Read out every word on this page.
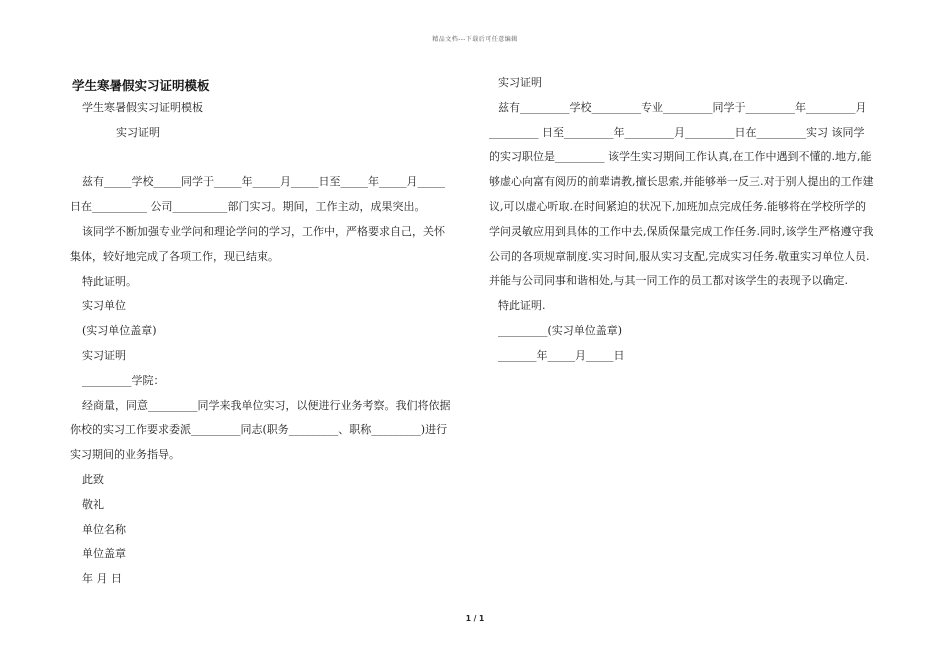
精品文档---下载后可任意编辑
学生寒暑假实习证明模板
学生寒暑假实习证明模板
实习证明
兹有_____学校_____同学于_____年_____月_____日至_____年_____月_____
日在__________ 公司__________部门实习。期间，工作主动，成果突出。
该同学不断加强专业学问和理论学问的学习，工作中，严格要求自己，关怀
集体，较好地完成了各项工作，现已结束。
特此证明。
实习单位
(实习单位盖章)
实习证明
_________学院：
经商量，同意_________同学来我单位实习，以便进行业务考察。我们将依据
你校的实习工作要求委派_________同志(职务_________、职称_________)进行
实习期间的业务指导。
此致
敬礼
单位名称
单位盖章
年 月 日
实习证明
兹有_________学校_________专业_________同学于_________年_________月
_________ 日至_________年_________月_________日在_________实习 该同学
的实习职位是_________ 该学生实习期间工作认真,在工作中遇到不懂的.地方,能
够虚心向富有阅历的前辈请教,擅长思索,并能够举一反三.对于别人提出的工作建
议,可以虚心听取.在时间紧迫的状况下,加班加点完成任务.能够将在学校所学的
学问灵敏应用到具体的工作中去,保质保量完成工作任务.同时,该学生严格遵守我
公司的各项规章制度.实习时间,服从实习支配,完成实习任务.敬重实习单位人员.
并能与公司同事和谐相处,与其一同工作的员工都对该学生的表现予以确定.
特此证明.
_________(实习单位盖章)
_______年_____月_____日
1 / 1
